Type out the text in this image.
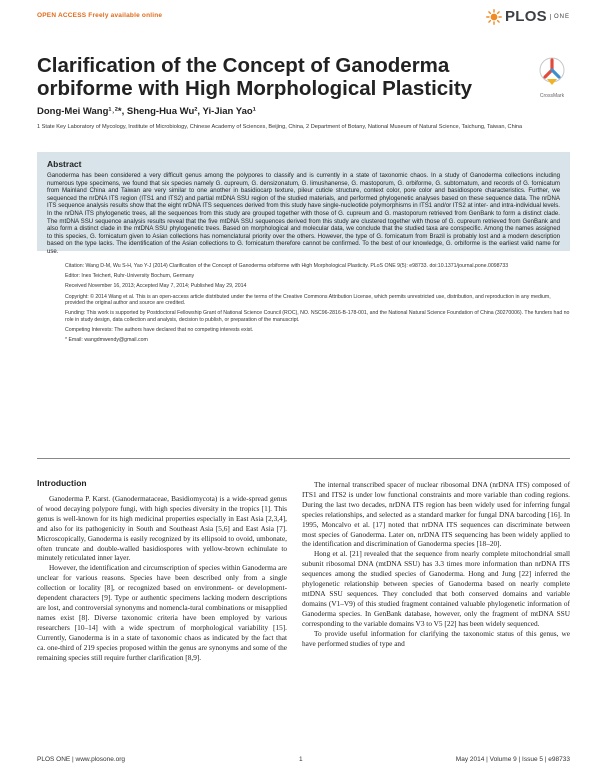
OPEN ACCESS Freely available online	PLOS	ONE
Clarification of the Concept of Ganoderma orbiforme with High Morphological Plasticity	CrossMark
Dong-Mei Wang¹˒²*, Sheng-Hua Wu², Yi-Jian Yao¹
1 State Key Laboratory of Mycology, Institute of Microbiology, Chinese Academy of Sciences, Beijing, China, 2 Department of Botany, National Museum of Natural Science, Taichung, Taiwan, China
Abstract

Ganoderma has been considered a very difficult genus among the polypores to classify and is currently in a state of taxonomic chaos. In a study of Ganoderma collections including numerous type specimens, we found that six species namely G. cupreum, G. densizonatum, G. limushanense, G. mastoporum, G. orbiforme, G. subtornatum, and records of G. fornicatum from Mainland China and Taiwan are very similar to one another in basidiocarp texture, pileur cuticle structure, context color, pore color and basidiospore characteristics. Further, we sequenced the nrDNA ITS region (ITS1 and ITS2) and partial mtDNA SSU region of the studied materials, and performed phylogenetic analyses based on these sequence data. The nrDNA ITS sequence analysis results show that the eight nrDNA ITS sequences derived from this study have single-nucleotide polymorphisms in ITS1 and/or ITS2 at inter- and intra-individual levels. In the nrDNA ITS phylogenetic trees, all the sequences from this study are grouped together with those of G. cupreum and G. mastoporum retrieved from GenBank to form a distinct clade. The mtDNA SSU sequence analysis results reveal that the five mtDNA SSU sequences derived from this study are clustered together with those of G. cupreum retrieved from GenBank and also form a distinct clade in the mtDNA SSU phylogenetic trees. Based on morphological and molecular data, we conclude that the studied taxa are conspecific. Among the names assigned to this species, G. fornicatum given to Asian collections has nomenclatural priority over the others. However, the type of G. fornicatum from Brazil is probably lost and a modern description based on the type lacks. The identification of the Asian collections to G. fornicatum therefore cannot be confirmed. To the best of our knowledge, G. orbiforme is the earliest valid name for use.

Citation: Wang D-M, Wu S-H, Yao Y-J (2014) Clarification of the Concept of Ganoderma orbiforme with High Morphological Plasticity. PLoS ONE 9(5): e98733. doi:10.1371/journal.pone.0098733
Editor: Ines Teichert, Ruhr-University Bochum, Germany
Received November 16, 2013; Accepted May 7, 2014; Published May 29, 2014
Copyright: © 2014 Wang et al. This is an open-access article distributed under the terms of the Creative Commons Attribution License, which permits unrestricted use, distribution, and reproduction in any medium, provided the original author and source are credited.
Funding: This work is supported by Postdoctoral Fellowship Grant of National Science Council (ROC), NO. NSC96-2816-B-178-001, and the National Natural Science Foundation of China (30270006). The funders had no role in study design, data collection and analysis, decision to publish, or preparation of the manuscript.
Competing Interests: The authors have declared that no competing interests exist.
* Email: wangdmwendy@gmail.com
Introduction

Ganoderma P. Karst. (Ganodermataceae, Basidiomycota) is a wide-spread genus of wood decaying polypore fungi, with high species diversity in the tropics [1]. This genus is well-known for its high medicinal properties especially in East Asia [2,3,4], and also for its pathogenicity in South and Southeast Asia [5,6] and East Asia [7]. Microscopically, Ganoderma is easily recognized by its ellipsoid to ovoid, umbonate, often truncate and double-walled basidiospores with yellow-brown echinulate to minutely reticulated inner layer.

However, the identification and circumscription of species within Ganoderma are unclear for various reasons. Species have been described only from a single collection or locality [8], or recognized based on environment- or development-dependent characters [9]. Type or authentic specimens lacking modern descriptions are lost, and controversial synonyms and nomencla-tural combinations or misapplied names exist [8]. Diverse taxonomic criteria have been employed by various researchers [10–14] with a wide spectrum of morphological variability [15]. Currently, Ganoderma is in a state of taxonomic chaos as indicated by the fact that ca. one-third of 219 species proposed within the genus are synonyms and some of the remaining species still require further clarification [8,9].

The internal transcribed spacer of nuclear ribosomal DNA (nrDNA ITS) composed of ITS1 and ITS2 is under low functional constraints and more variable than coding regions. During the last two decades, nrDNA ITS region has been widely used for inferring fungal species relationships, and selected as a standard marker for fungal DNA barcoding [16]. In 1995, Moncalvo et al. [17] noted that nrDNA ITS sequences can discriminate between most species of Ganoderma. Later on, nrDNA ITS sequencing has been widely applied to the identification and discrimination of Ganoderma species [18–20].

Hong et al. [21] revealed that the sequence from nearly complete mitochondrial small subunit ribosomal DNA (mtDNA SSU) has 3.3 times more information than nrDNA ITS sequences among the studied species of Ganoderma. Hong and Jung [22] inferred the phylogenetic relationship between species of Ganoderma based on nearly complete mtDNA SSU sequences. They concluded that both conserved domains and variable domains (V1–V9) of this studied fragment contained valuable phylogenetic information of Ganoderma species. In GenBank database, however, only the fragment of mtDNA SSU corresponding to the variable domains V3 to V5 [22] has been widely sequenced.

To provide useful information for clarifying the taxonomic status of this genus, we have performed studies of type and

PLOS ONE | www.plosone.org	1	May 2014 | Volume 9 | Issue 5 | e98733
